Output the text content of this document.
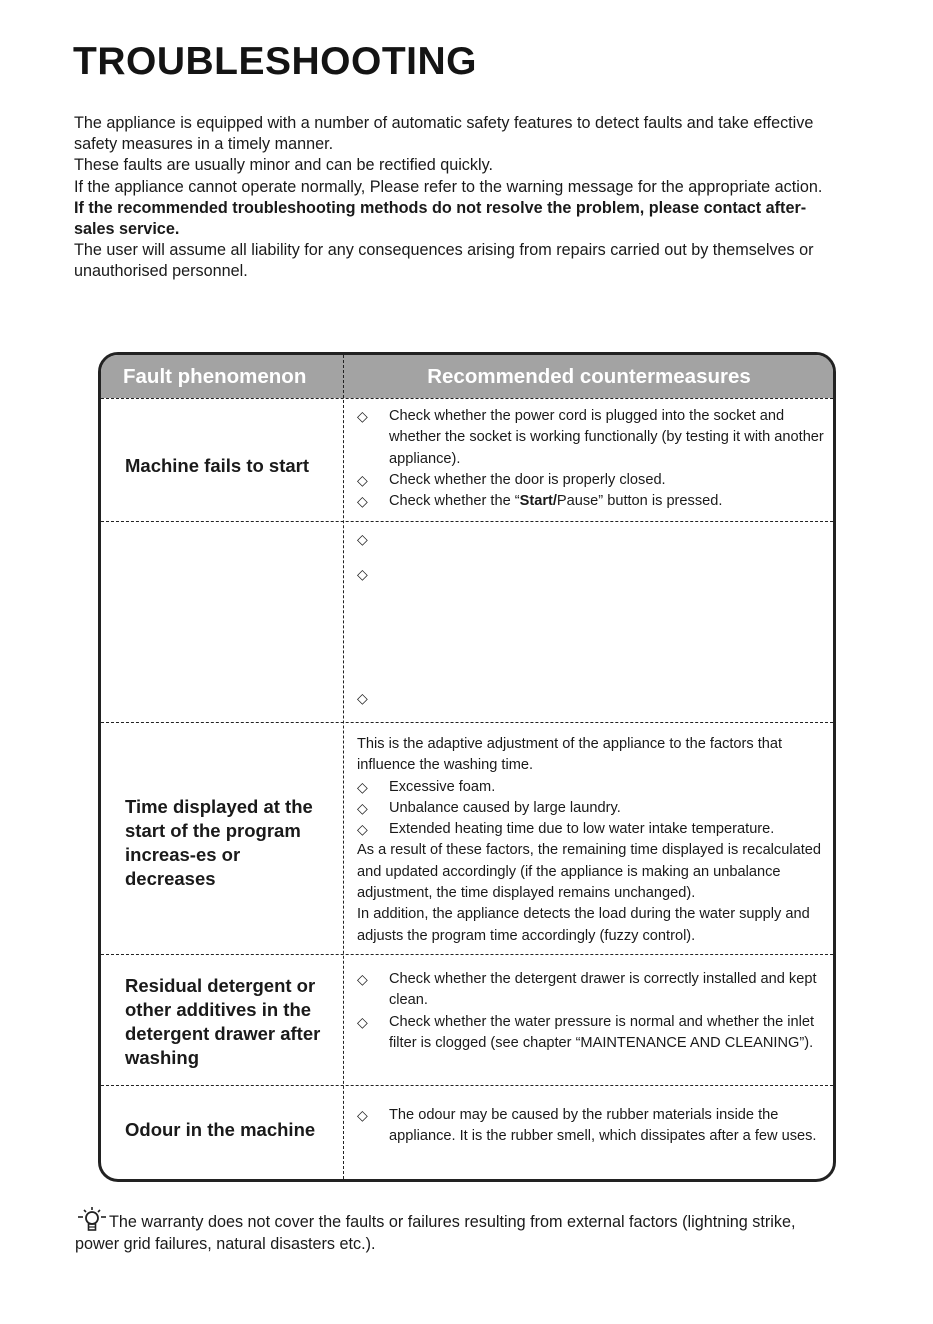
TROUBLESHOOTING

The appliance is equipped with a number of automatic safety features to detect faults and take effective safety measures in a timely manner.

These faults are usually minor and can be rectified quickly.

If the appliance cannot operate normally, Please refer to the warning message for the appropriate action.

If the recommended troubleshooting methods do not resolve the problem, please contact after-sales service.

The user will assume all liability for any consequences arising from repairs carried out by themselves or unauthorised personnel.

Fault phenomenon	Recommended countermeasures
Machine fails to start
◇ Check whether the power cord is plugged into the socket and whether the socket is working functionally (by testing it with another appliance).
◇ Check whether the door is properly closed.
◇ Check whether the “Start/Pause” button is pressed.
◇
◇
◇
Time displayed at the start of the program increas-es or decreases
This is the adaptive adjustment of the appliance to the factors that influence the washing time.
◇ Excessive foam.
◇ Unbalance caused by large laundry.
◇ Extended heating time due to low water intake temperature.
As a result of these factors, the remaining time displayed is recalculated and updated accordingly (if the appliance is making an unbalance adjustment, the time displayed remains unchanged).
In addition, the appliance detects the load during the water supply and adjusts the program time accordingly (fuzzy control).
Residual detergent or other additives in the detergent drawer after washing
◇ Check whether the detergent drawer is correctly installed and kept clean.
◇ Check whether the water pressure is normal and whether the inlet filter is clogged (see chapter “MAINTENANCE AND CLEANING”).
Odour in the machine
◇ The odour may be caused by the rubber materials inside the appliance. It is the rubber smell, which dissipates after a few uses.
The warranty does not cover the faults or failures resulting from external factors (lightning strike, power grid failures, natural disasters etc.).
